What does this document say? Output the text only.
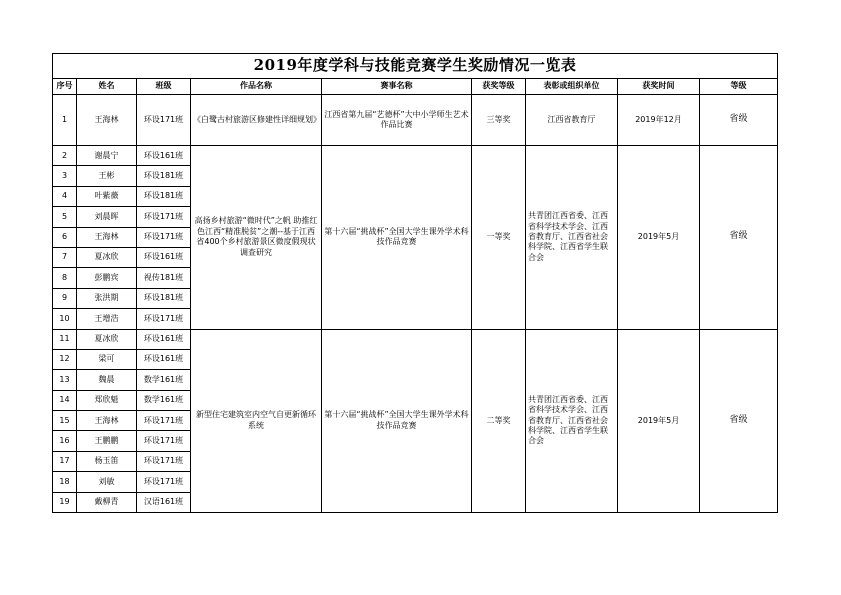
2019年度学科与技能竞赛学生奖励情况一览表								
序号	姓名	班级	作品名称	赛事名称	获奖等级	表彰或组织单位	获奖时间	等级
1	王海林	环设171班	《白鹭古村旅游区修建性详细规划》	江西省第九届“艺德杯”大中小学师生艺术作品比赛	三等奖	江西省教育厅	2019年12月	省级
2	谢晨宁	环设161班	高扬乡村旅游“微时代”之帆 助推红色江西“精准脱贫”之潮--基于江西省400个乡村旅游景区微度假现状调查研究	第十六届“挑战杯”全国大学生课外学术科技作品竞赛	一等奖	共青团江西省委、江西省科学技术学会、江西省教育厅、江西省社会科学院、江西省学生联合会	2019年5月	省级
3	王彬	环设181班						
4	叶紫薇	环设181班						
5	刘晨晖	环设171班						
6	王海林	环设171班						
7	夏冰欣	环设161班						
8	彭鹏宾	视传181班						
9	张洪期	环设181班						
10	王增浩	环设171班						
11	夏冰欣	环设161班	新型住宅建筑室内空气自更新循环系统	第十六届“挑战杯”全国大学生课外学术科技作品竞赛	二等奖	共青团江西省委、江西省科学技术学会、江西省教育厅、江西省社会科学院、江西省学生联合会	2019年5月	省级
12	梁可	环设161班						
13	魏晨	数学161班						
14	郑欣魁	数学161班						
15	王海林	环设171班						
16	王鹏鹏	环设171班						
17	杨玉笛	环设171班						
18	刘敏	环设171班						
19	戴柳青	汉语161班						
